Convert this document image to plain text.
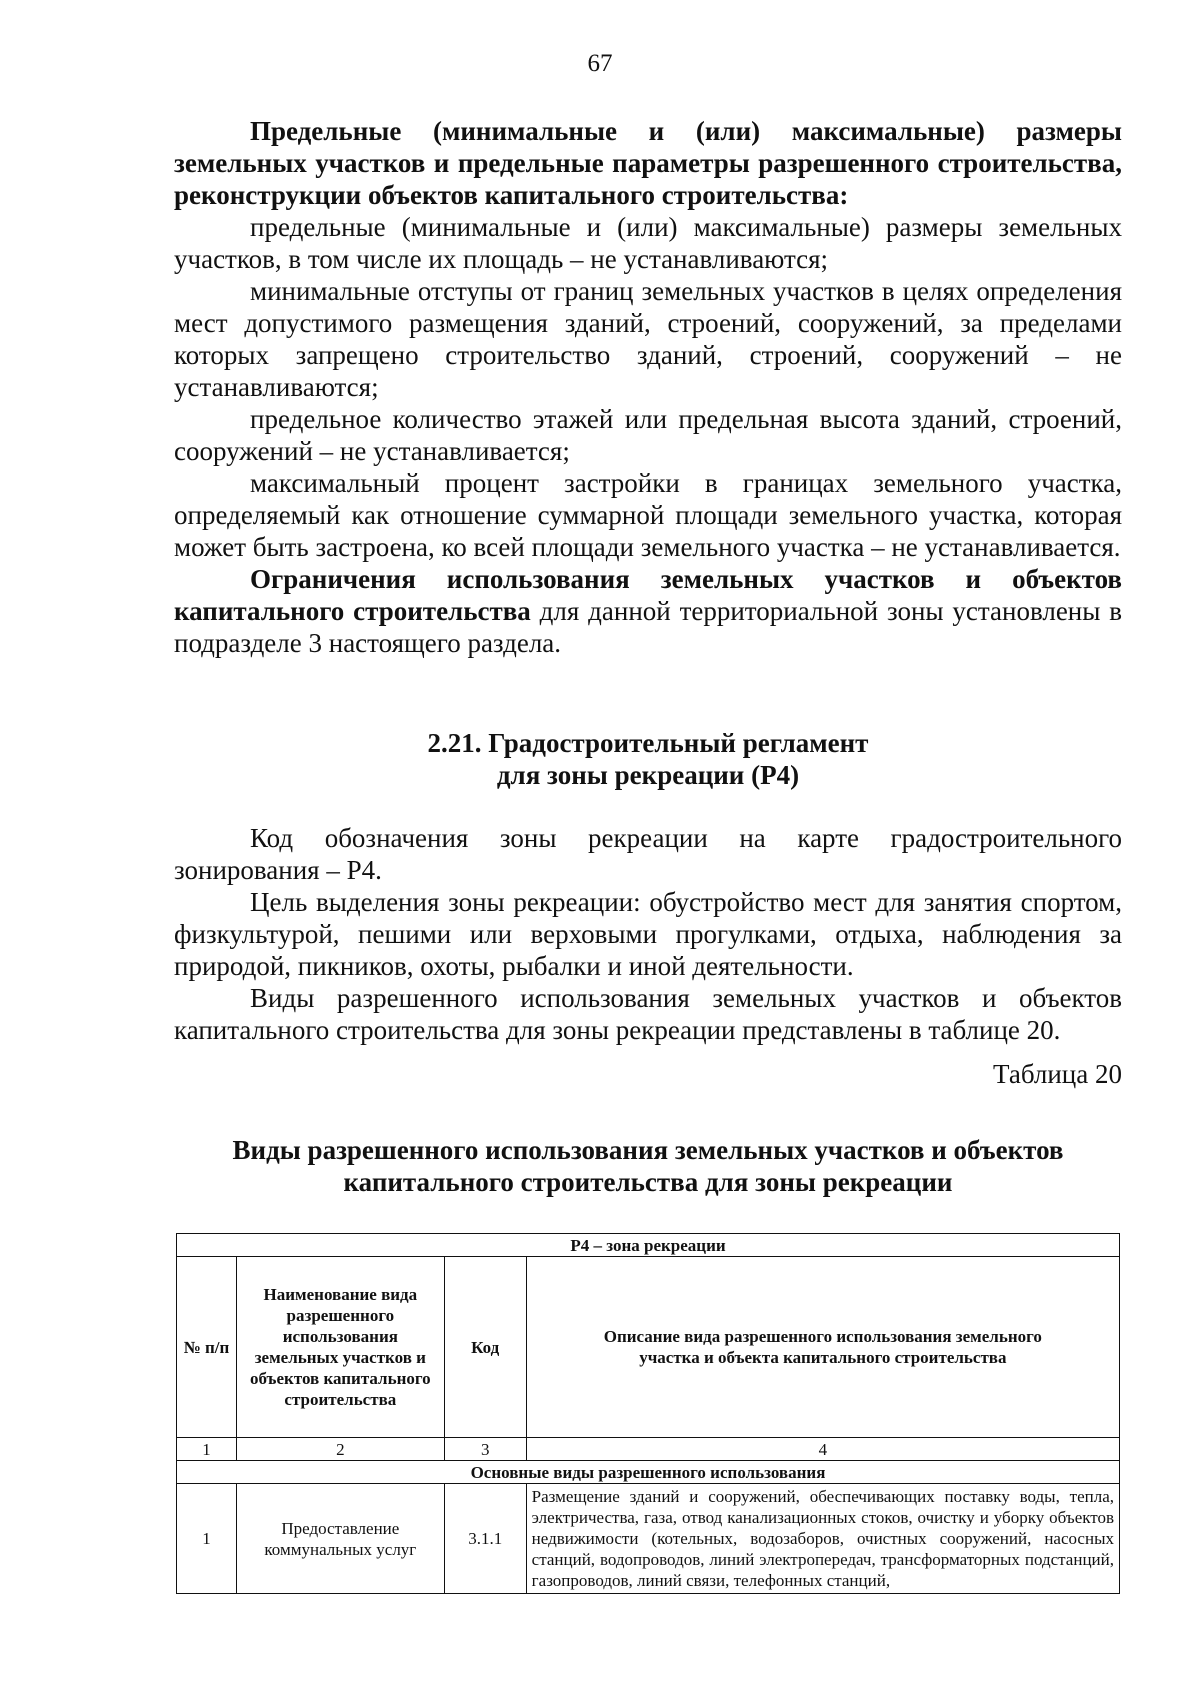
67

Предельные (минимальные и (или) максимальные) размеры земельных участков и предельные параметры разрешенного строительства, реконструкции объектов капитального строительства:

предельные (минимальные и (или) максимальные) размеры земельных участков, в том числе их площадь – не устанавливаются;

минимальные отступы от границ земельных участков в целях определения мест допустимого размещения зданий, строений, сооружений, за пределами которых запрещено строительство зданий, строений, сооружений – не устанавливаются;

предельное количество этажей или предельная высота зданий, строений, сооружений – не устанавливается;

максимальный процент застройки в границах земельного участка, определяемый как отношение суммарной площади земельного участка, которая может быть застроена, ко всей площади земельного участка – не устанавливается.

Ограничения использования земельных участков и объектов капитального строительства для данной территориальной зоны установлены в подразделе 3 настоящего раздела.

2.21. Градостроительный регламент
для зоны рекреации (Р4)

Код обозначения зоны рекреации на карте градостроительного зонирования – Р4.

Цель выделения зоны рекреации: обустройство мест для занятия спортом, физкультурой, пешими или верховыми прогулками, отдыха, наблюдения за природой, пикников, охоты, рыбалки и иной деятельности.

Виды разрешенного использования земельных участков и объектов капитального строительства для зоны рекреации представлены в таблице 20.

Таблица 20

Виды разрешенного использования земельных участков и объектов
капитального строительства для зоны рекреации
Р4 – зона рекреации			
№ п/п	Наименование вида разрешенного использования земельных участков и объектов капитального строительства	Код	Описание вида разрешенного использования земельного участка и объекта капитального строительства
1	2	3	4
Основные виды разрешенного использования			
1	Предоставление коммунальных услуг	3.1.1	Размещение зданий и сооружений, обеспечивающих поставку воды, тепла, электричества, газа, отвод канализационных стоков, очистку и уборку объектов недвижимости (котельных, водозаборов, очистных сооружений, насосных станций, водопроводов, линий электропередач, трансформаторных подстанций, газопроводов, линий связи, телефонных станций,
